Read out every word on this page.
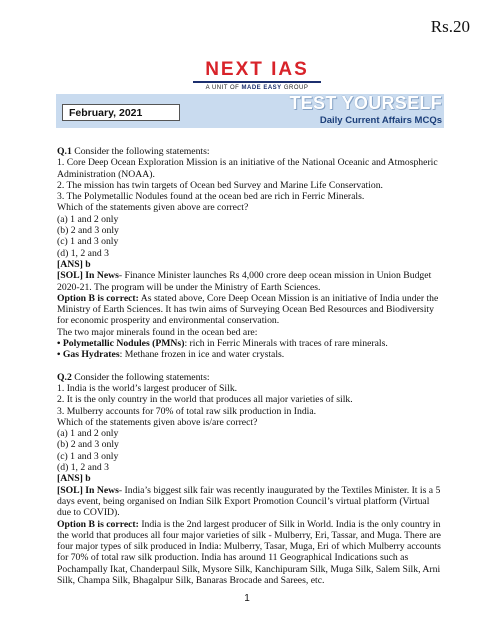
Rs.20
NEXT IAS
A UNIT OF MADE EASY GROUP
February, 2021	TEST YOURSELF
Daily Current Affairs MCQs

Q.1 Consider the following statements:

1. Core Deep Ocean Exploration Mission is an initiative of the National Oceanic and Atmospheric Administration (NOAA).

2. The mission has twin targets of Ocean bed Survey and Marine Life Conservation.

3. The Polymetallic Nodules found at the ocean bed are rich in Ferric Minerals.

Which of the statements given above are correct?

(a) 1 and 2 only

(b) 2 and 3 only

(c) 1 and 3 only

(d) 1, 2 and 3

[ANS] b

[SOL] In News- Finance Minister launches Rs 4,000 crore deep ocean mission in Union Budget 2020-21. The program will be under the Ministry of Earth Sciences.

Option B is correct: As stated above, Core Deep Ocean Mission is an initiative of India under the Ministry of Earth Sciences. It has twin aims of Surveying Ocean Bed Resources and Biodiversity for economic prosperity and environmental conservation.

The two major minerals found in the ocean bed are:

• Polymetallic Nodules (PMNs): rich in Ferric Minerals with traces of rare minerals.

• Gas Hydrates: Methane frozen in ice and water crystals.

Q.2 Consider the following statements:

1. India is the world’s largest producer of Silk.

2. It is the only country in the world that produces all major varieties of silk.

3. Mulberry accounts for 70% of total raw silk production in India.

Which of the statements given above is/are correct?

(a) 1 and 2 only

(b) 2 and 3 only

(c) 1 and 3 only

(d) 1, 2 and 3

[ANS] b

[SOL] In News- India’s biggest silk fair was recently inaugurated by the Textiles Minister. It is a 5 days event, being organised on Indian Silk Export Promotion Council’s virtual platform (Virtual due to COVID).

Option B is correct: India is the 2nd largest producer of Silk in World. India is the only country in the world that produces all four major varieties of silk - Mulberry, Eri, Tassar, and Muga. There are four major types of silk produced in India: Mulberry, Tasar, Muga, Eri of which Mulberry accounts for 70% of total raw silk production. India has around 11 Geographical Indications such as Pochampally Ikat, Chanderpaul Silk, Mysore Silk, Kanchipuram Silk, Muga Silk, Salem Silk, Arni Silk, Champa Silk, Bhagalpur Silk, Banaras Brocade and Sarees, etc.

1
